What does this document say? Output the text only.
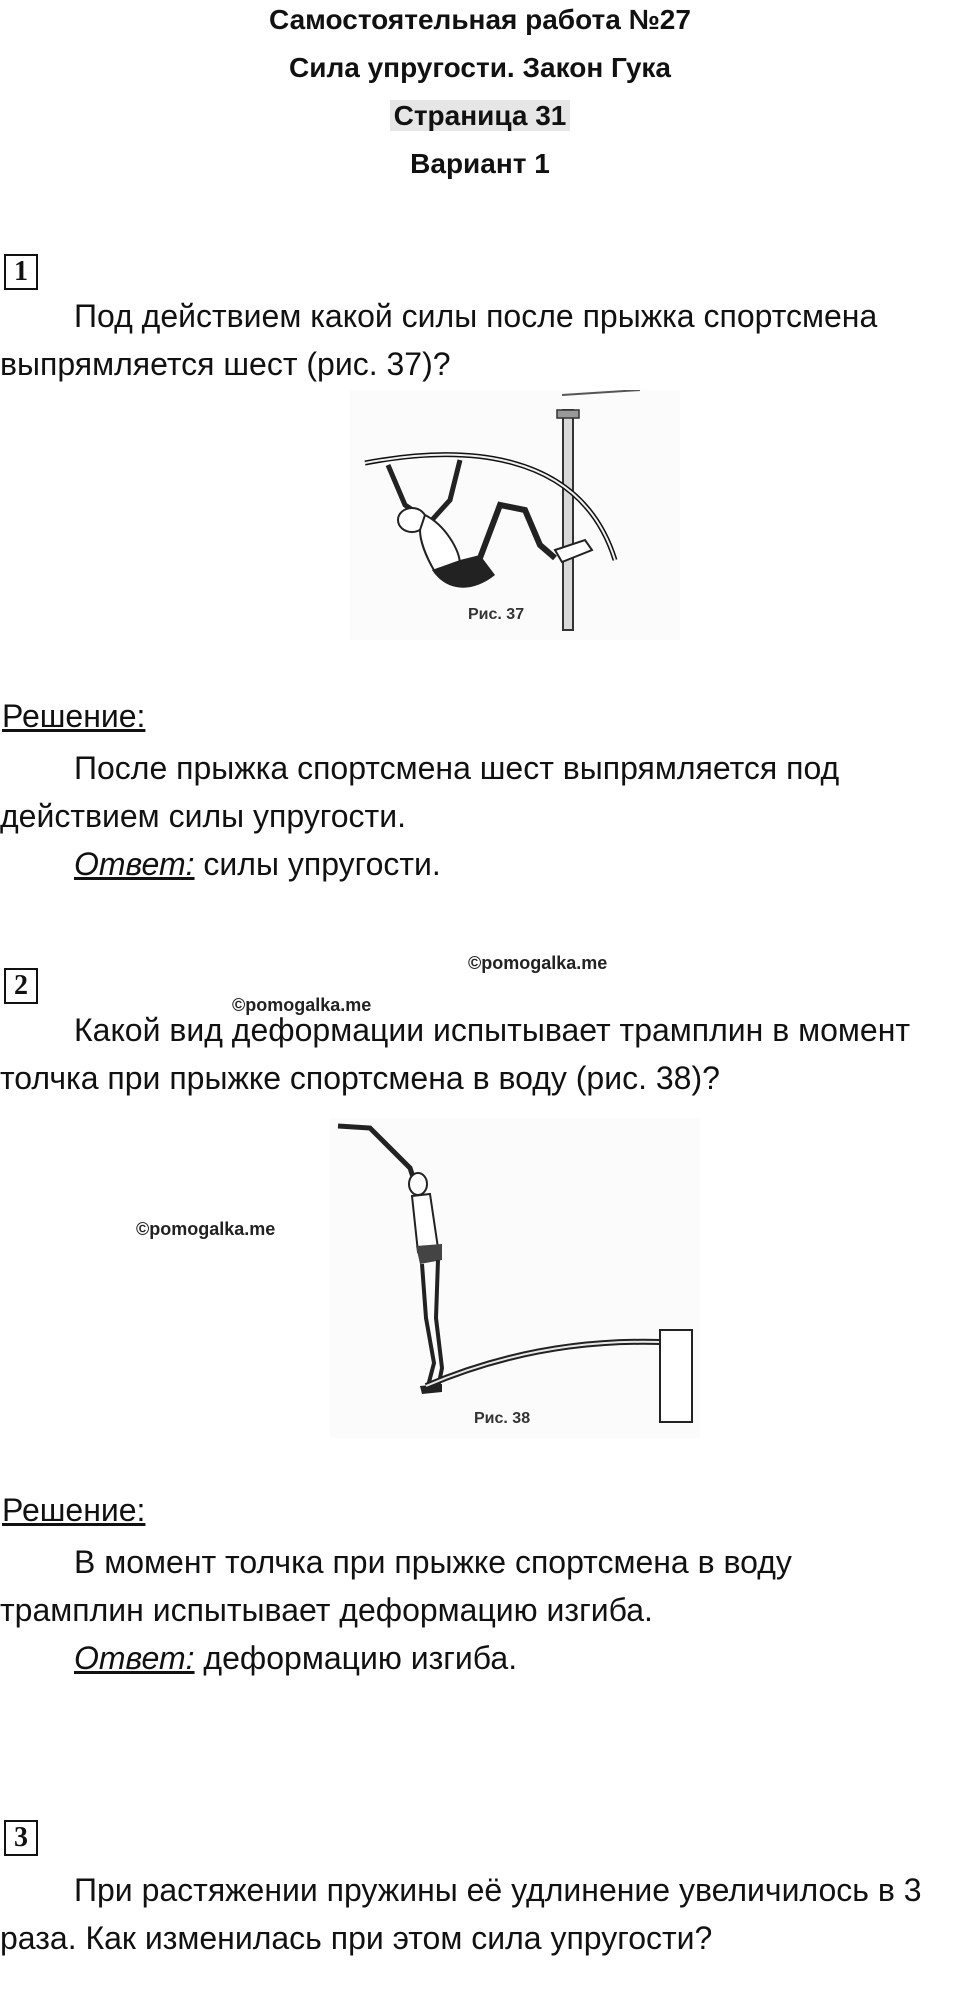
Самостоятельная работа №27
Сила упругости. Закон Гука
Страница 31
Вариант 1
1
Под действием какой силы после прыжка спортсмена выпрямляется шест (рис. 37)?
Рис. 37
Решение:
После прыжка спортсмена шест выпрямляется под
действием силы упругости.
Ответ: силы упругости.
©pomogalka.me
©pomogalka.me
©pomogalka.me
2
Какой вид деформации испытывает трамплин в момент толчка при прыжке спортсмена в воду (рис. 38)?
Рис. 38
Решение:
В момент толчка при прыжке спортсмена в воду
трамплин испытывает деформацию изгиба.
Ответ: деформацию изгиба.
3
При растяжении пружины её удлинение увеличилось в 3 раза. Как изменилась при этом сила упругости?
